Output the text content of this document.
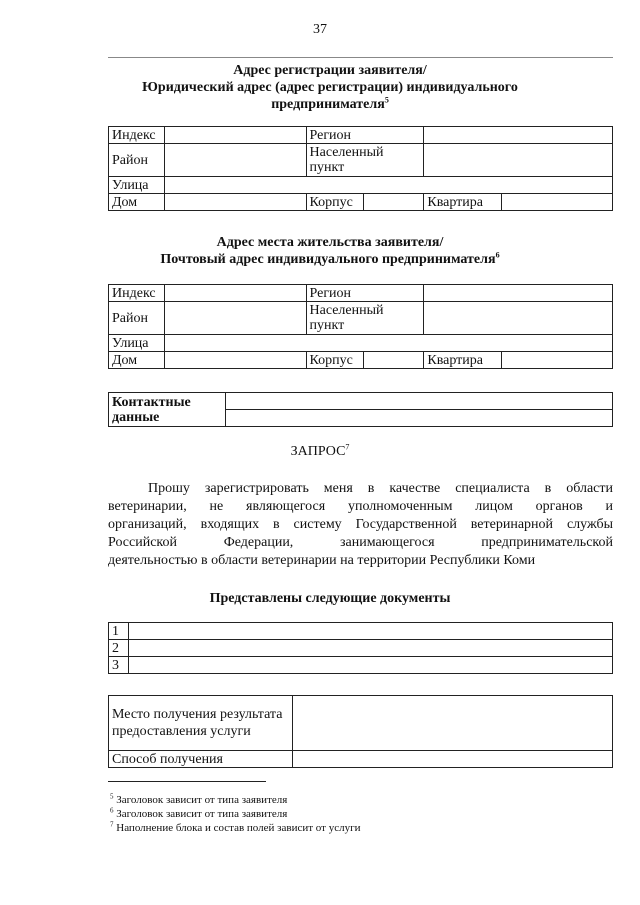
37
Адрес регистрации заявителя/
Юридический адрес (адрес регистрации) индивидуального
предпринимателя$^5$
Индекс		Регион			
Район		Населенный пункт			
Улица					
Дом		Корпус		Квартира	
Адрес места жительства заявителя/
Почтовый адрес индивидуального предпринимателя$^6$
Индекс		Регион			
Район		Населенный пункт			
Улица					
Дом		Корпус		Квартира	
Контактные данные	

ЗАПРОС$^7$
Прошу зарегистрировать меня в качестве специалиста в области
ветеринарии, не являющегося уполномоченным лицом органов и
организаций, входящих в систему Государственной ветеринарной службы
Российской Федерации, занимающегося предпринимательской
деятельностью в области ветеринарии на территории Республики Коми
Представлены следующие документы
1	
2	
3	
Место получения результата предоставления услуги	
Способ получения	
$^5$ Заголовок зависит от типа заявителя
$^6$ Заголовок зависит от типа заявителя
$^7$ Наполнение блока и состав полей зависит от услуги
